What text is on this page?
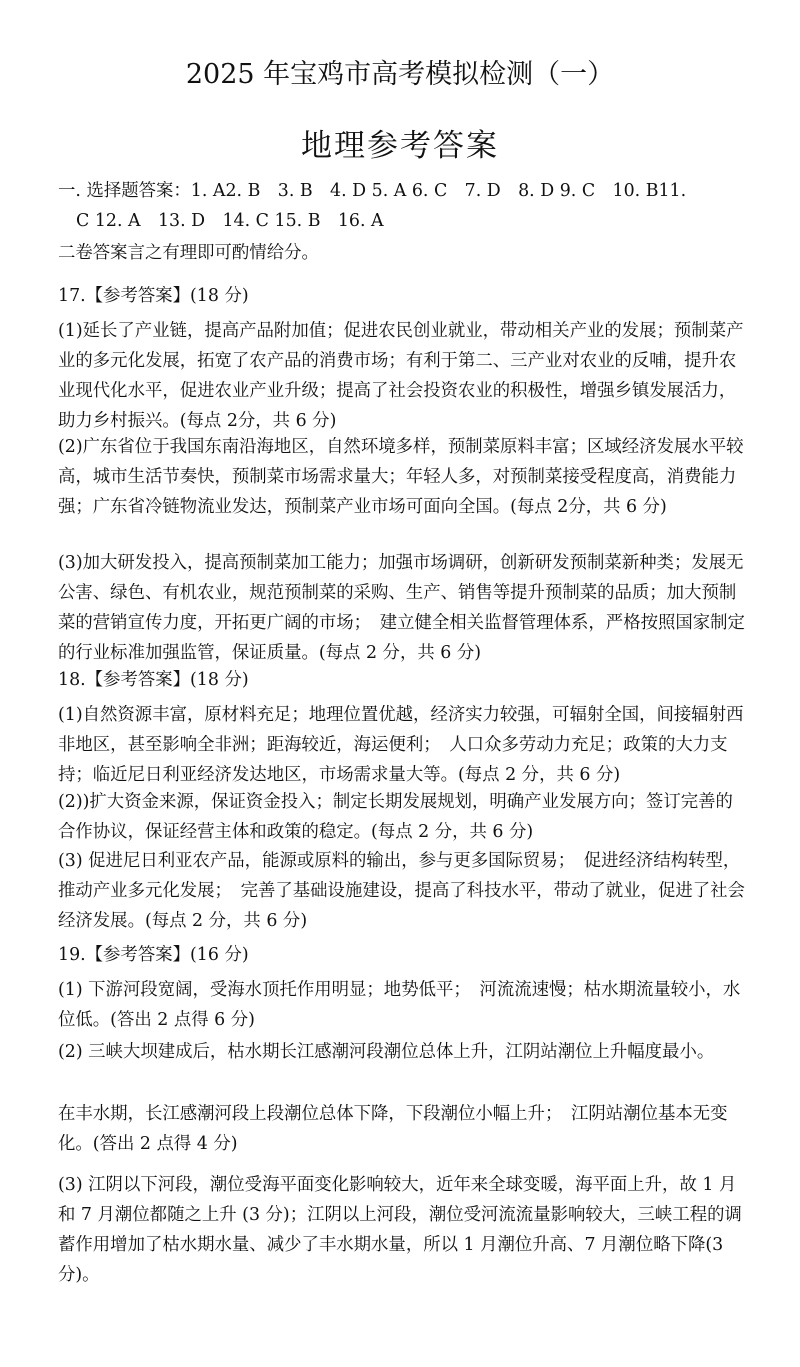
2025 年宝鸡市高考模拟检测（一）
地理参考答案

一. 选择题答案：1. A2. B　3. B　4. D 5. A 6. C　7. D　8. D 9. C　10. B11.
C 12. A　13. D　14. C 15. B　16. A

二卷答案言之有理即可酌情给分。

17.【参考答案】(18 分)

(1)延长了产业链，提高产品附加值；促进农民创业就业，带动相关产业的发展；预制菜产业的多元化发展，拓宽了农产品的消费市场；有利于第二、三产业对农业的反哺，提升农业现代化水平，促进农业产业升级；提高了社会投资农业的积极性，增强乡镇发展活力，助力乡村振兴。(每点 2分，共 6 分)

(2)广东省位于我国东南沿海地区，自然环境多样，预制菜原料丰富；区域经济发展水平较高，城市生活节奏快，预制菜市场需求量大；年轻人多，对预制菜接受程度高，消费能力强；广东省冷链物流业发达，预制菜产业市场可面向全国。(每点 2分，共 6 分)

(3)加大研发投入，提高预制菜加工能力；加强市场调研，创新研发预制菜新种类；发展无公害、绿色、有机农业，规范预制菜的采购、生产、销售等提升预制菜的品质；加大预制菜的营销宣传力度，开拓更广阔的市场；　建立健全相关监督管理体系，严格按照国家制定的行业标准加强监管，保证质量。(每点 2 分，共 6 分)

18.【参考答案】(18 分)

(1)自然资源丰富，原材料充足；地理位置优越，经济实力较强，可辐射全国，间接辐射西非地区，甚至影响全非洲；距海较近，海运便利；　人口众多劳动力充足；政策的大力支持；临近尼日利亚经济发达地区，市场需求量大等。(每点 2 分，共 6 分)

(2))扩大资金来源，保证资金投入；制定长期发展规划，明确产业发展方向；签订完善的合作协议，保证经营主体和政策的稳定。(每点 2 分，共 6 分)

(3) 促进尼日利亚农产品，能源或原料的输出，参与更多国际贸易；　促进经济结构转型，推动产业多元化发展；　完善了基础设施建设，提高了科技水平，带动了就业，促进了社会经济发展。(每点 2 分，共 6 分)

19.【参考答案】(16 分)

(1) 下游河段宽阔，受海水顶托作用明显；地势低平；　河流流速慢；枯水期流量较小，水位低。(答出 2 点得 6 分)

(2) 三峡大坝建成后，枯水期长江感潮河段潮位总体上升，江阴站潮位上升幅度最小。

在丰水期，长江感潮河段上段潮位总体下降，下段潮位小幅上升；　江阴站潮位基本无变化。(答出 2 点得 4 分)

(3) 江阴以下河段，潮位受海平面变化影响较大，近年来全球变暖，海平面上升，故 1 月和 7 月潮位都随之上升 (3 分)；江阴以上河段，潮位受河流流量影响较大，三峡工程的调蓄作用增加了枯水期水量、减少了丰水期水量，所以 1 月潮位升高、7 月潮位略下降(3 分)。
